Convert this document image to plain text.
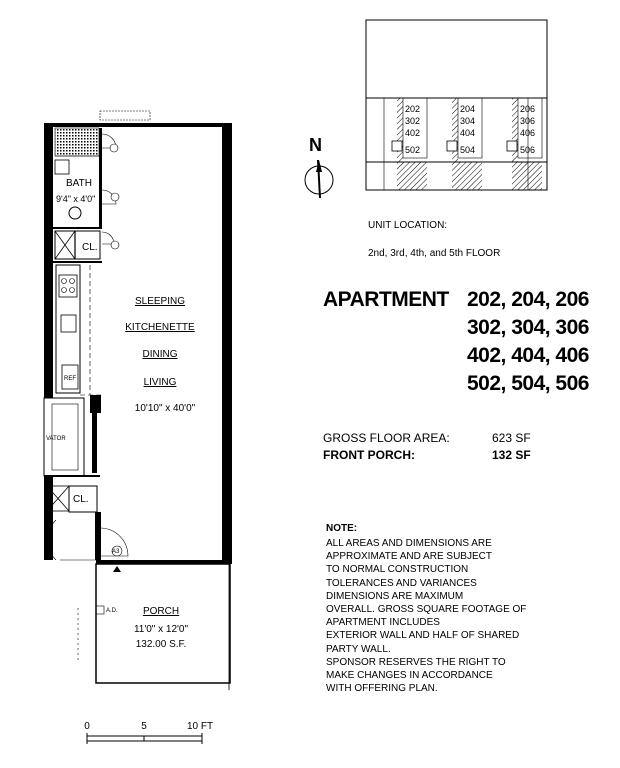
BATH
9'4" x 4'0"
CL.
REF
VATOR
CL.
A3
A.D.
SLEEPING
KITCHENETTE
DINING
LIVING
10'10" x 40'0"
PORCH
11'0" x 12'0"
132.00 S.F.
0	5	10 FT
202
302
402
502
204
304
404
504
206
306
406
506
N
UNIT LOCATION:
2nd, 3rd, 4th, and 5th FLOOR
APARTMENT 202, 204, 206
302, 304, 306
402, 404, 406
502, 504, 506
GROSS FLOOR AREA:	623 SF
FRONT PORCH:	132 SF
NOTE:
ALL AREAS AND DIMENSIONS ARE
APPROXIMATE AND ARE SUBJECT
TO NORMAL CONSTRUCTION
TOLERANCES AND VARIANCES
DIMENSIONS ARE MAXIMUM
OVERALL. GROSS SQUARE FOOTAGE OF
APARTMENT INCLUDES
EXTERIOR WALL AND HALF OF SHARED
PARTY WALL.
SPONSOR RESERVES THE RIGHT TO
MAKE CHANGES IN ACCORDANCE
WITH OFFERING PLAN.
